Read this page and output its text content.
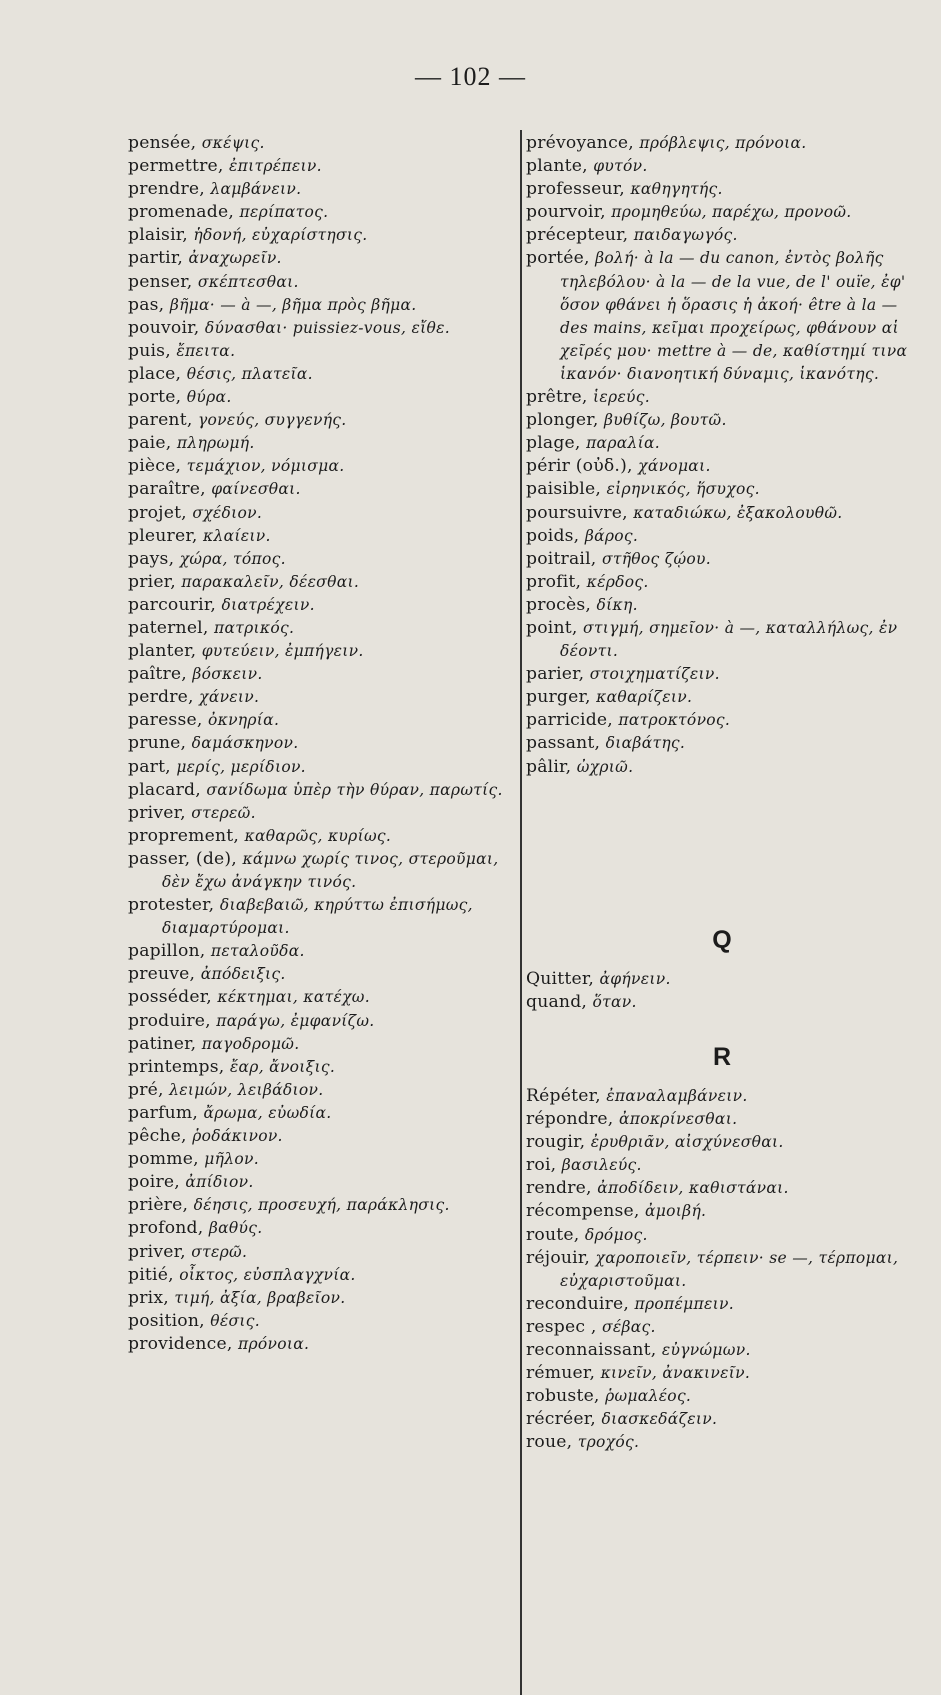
— 102 —
pensée, σκέψις.
permettre, ἐπιτρέπειν.
prendre, λαμβάνειν.
promenade, περίπατος.
plaisir, ἡδονή, εὐχαρίστησις.
partir, ἀναχωρεῖν.
penser, σκέπτεσθαι.
pas, βῆμα· — à —, βῆμα πρὸς βῆμα.
pouvoir, δύνασθαι· puissiez-vous, εἴθε.
puis, ἔπειτα.
place, θέσις, πλατεῖα.
porte, θύρα.
parent, γονεύς, συγγενής.
paie, πληρωμή.
pièce, τεμάχιον, νόμισμα.
paraître, φαίνεσθαι.
projet, σχέδιον.
pleurer, κλαίειν.
pays, χώρα, τόπος.
prier, παρακαλεῖν, δέεσθαι.
parcourir, διατρέχειν.
paternel, πατρικός.
planter, φυτεύειν, ἐμπήγειν.
paître, βόσκειν.
perdre, χάνειν.
paresse, ὀκνηρία.
prune, δαμάσκηνον.
part, μερίς, μερίδιον.
placard, σανίδωμα ὑπὲρ τὴν θύραν, παρωτίς.
priver, στερεῶ.
proprement, καθαρῶς, κυρίως.
passer, (de), κάμνω χωρίς τινος, στεροῦμαι, δὲν ἔχω ἀνάγκην τινός.
protester, διαβεβαιῶ, κηρύττω ἐπισήμως, διαμαρτύρομαι.
papillon, πεταλοῦδα.
preuve, ἀπόδειξις.
posséder, κέκτημαι, κατέχω.
produire, παράγω, ἐμφανίζω.
patiner, παγοδρομῶ.
printemps, ἔαρ, ἄνοιξις.
pré, λειμών, λειβάδιον.
parfum, ἄρωμα, εὐωδία.
pêche, ῥοδάκινον.
pomme, μῆλον.
poire, ἀπίδιον.
prière, δέησις, προσευχή, παράκλησις.
profond, βαθύς.
priver, στερῶ.
pitié, οἶκτος, εὐσπλαγχνία.
prix, τιμή, ἀξία, βραβεῖον.
position, θέσις.
providence, πρόνοια.
prévoyance, πρόβλεψις, πρόνοια.
plante, φυτόν.
professeur, καθηγητής.
pourvoir, προμηθεύω, παρέχω, προνοῶ.
précepteur, παιδαγωγός.
portée, βολή· à la — du canon, ἐντὸς βολῆς τηλεβόλου· à la — de la vue, de l' ouïe, ἐφ' ὅσον φθάνει ἡ ὅρασις ἡ ἀκοή· être à la — des mains, κεῖμαι προχείρως, φθάνουν αἱ χεῖρές μου· mettre à — de, καθίστημί τινα ἱκανόν· διανοητική δύναμις, ἱκανότης.
prêtre, ἱερεύς.
plonger, βυθίζω, βουτῶ.
plage, παραλία.
périr (οὐδ.), χάνομαι.
paisible, εἰρηνικός, ἥσυχος.
poursuivre, καταδιώκω, ἐξακολουθῶ.
poids, βάρος.
poitrail, στῆθος ζῴου.
profit, κέρδος.
procès, δίκη.
point, στιγμή, σημεῖον· à —, καταλλήλως, ἐν δέοντι.
parier, στοιχηματίζειν.
purger, καθαρίζειν.
parricide, πατροκτόνος.
passant, διαβάτης.
pâlir, ὠχριῶ.
Q
Quitter, ἀφήνειν.
quand, ὅταν.
R
Répéter, ἐπαναλαμβάνειν.
répondre, ἀποκρίνεσθαι.
rougir, ἐρυθριᾶν, αἰσχύνεσθαι.
roi, βασιλεύς.
rendre, ἀποδίδειν, καθιστάναι.
récompense, ἀμοιβή.
route, δρόμος.
réjouir, χαροποιεῖν, τέρπειν· se —, τέρπομαι, εὐχαριστοῦμαι.
reconduire, προπέμπειν.
respec , σέβας.
reconnaissant, εὐγνώμων.
rémuer, κινεῖν, ἀνακινεῖν.
robuste, ῥωμαλέος.
récréer, διασκεδάζειν.
roue, τροχός.
